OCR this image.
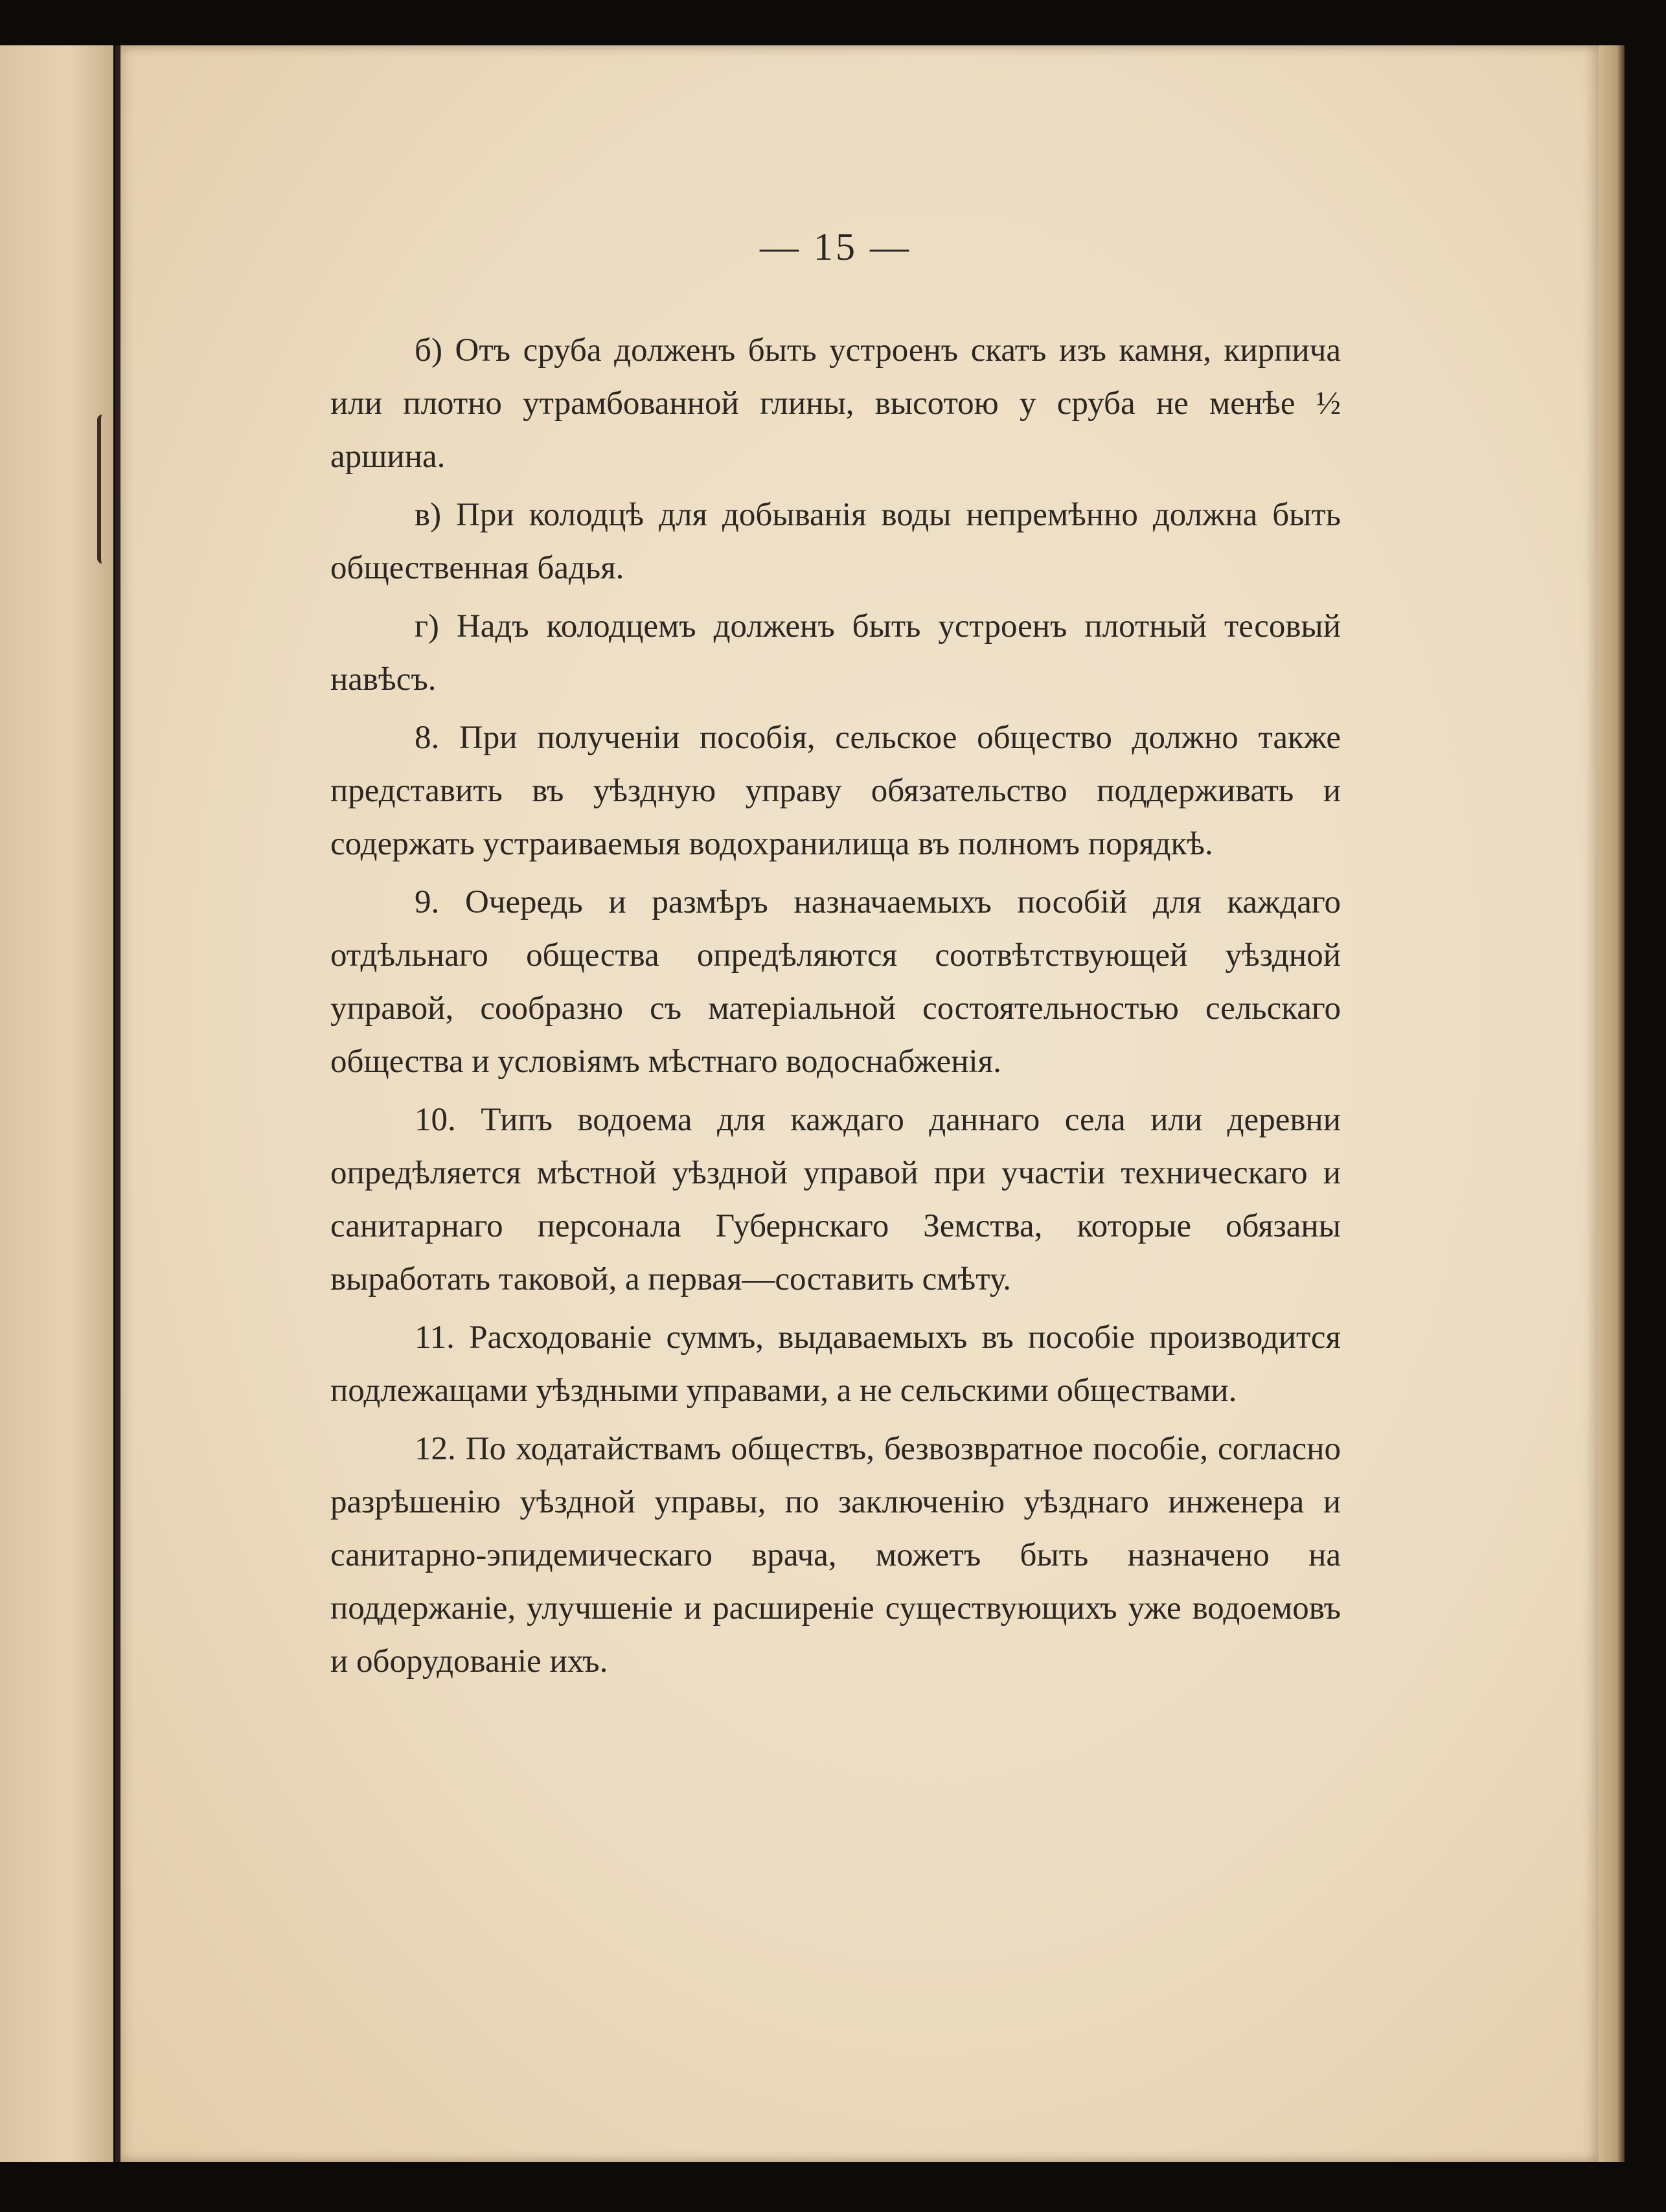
— 15 —

б) Отъ сруба долженъ быть устроенъ скатъ изъ камня, кирпича или плотно утрамбованной глины, высотою у сруба не менѣе ½ аршина.

в) При колодцѣ для добыванія воды непремѣнно должна быть общественная бадья.

г) Надъ колодцемъ долженъ быть устроенъ плотный тесовый навѣсъ.

8. При полученіи пособія, сельское общество должно также представить въ уѣздную управу обязательство поддерживать и содержать устраиваемыя водохранилища въ полномъ порядкѣ.

9. Очередь и размѣръ назначаемыхъ пособій для каждаго отдѣльнаго общества опредѣляются соотвѣтствующей уѣздной управой, сообразно съ матеріальной состоятельностью сельскаго общества и условіямъ мѣстнаго водоснабженія.

10. Типъ водоема для каждаго даннаго села или деревни опредѣляется мѣстной уѣздной управой при участіи техническаго и санитарнаго персонала Губернскаго Земства, которые обязаны выработать таковой, а первая—составить смѣту.

11. Расходованіе суммъ, выдаваемыхъ въ пособіе производится подлежащами уѣздными управами, а не сельскими обществами.

12. По ходатайствамъ обществъ, безвозвратное пособіе, согласно разрѣшенію уѣздной управы, по заключенію уѣзднаго инженера и санитарно-эпидемическаго врача, можетъ быть назначено на поддержаніе, улучшеніе и расширеніе существующихъ уже водоемовъ и оборудованіе ихъ.
